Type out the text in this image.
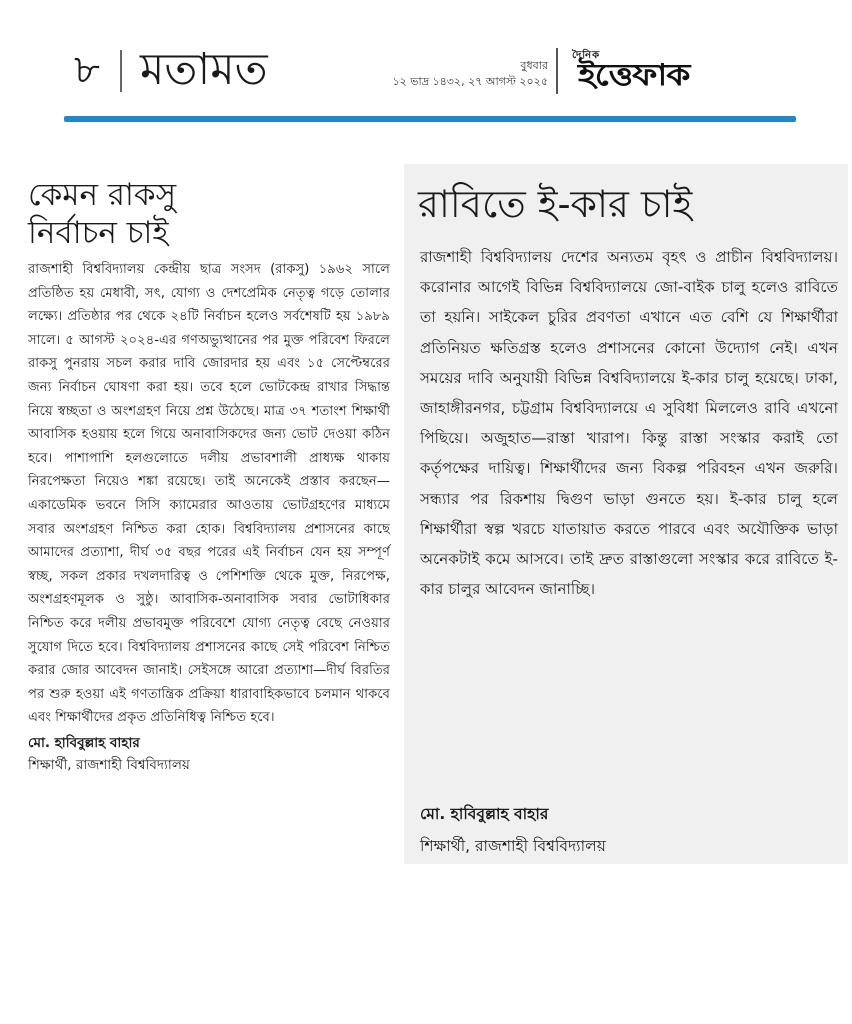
৮ মতামত	বুধবার
১২ ভাদ্র ১৪৩২, ২৭ আগস্ট ২০২৫
দৈনিক
ইত্তেফাক
কেমন রাকসু
নির্বাচন চাই

রাজশাহী বিশ্ববিদ্যালয় কেন্দ্রীয় ছাত্র সংসদ (রাকসু) ১৯৬২ সালে প্রতিষ্ঠিত হয় মেধাবী, সৎ, যোগ্য ও দেশপ্রেমিক নেতৃত্ব গড়ে তোলার লক্ষ্যে। প্রতিষ্ঠার পর থেকে ২৪টি নির্বাচন হলেও সর্বশেষটি হয় ১৯৮৯ সালে। ৫ আগস্ট ২০২৪-এর গণঅভ্যুত্থানের পর মুক্ত পরিবেশ ফিরলে রাকসু পুনরায় সচল করার দাবি জোরদার হয় এবং ১৫ সেপ্টেম্বরের জন্য নির্বাচন ঘোষণা করা হয়। তবে হলে ভোটকেন্দ্র রাখার সিদ্ধান্ত নিয়ে স্বচ্ছতা ও অংশগ্রহণ নিয়ে প্রশ্ন উঠেছে। মাত্র ৩৭ শতাংশ শিক্ষার্থী আবাসিক হওয়ায় হলে গিয়ে অনাবাসিকদের জন্য ভোট দেওয়া কঠিন হবে। পাশাপাশি হলগুলোতে দলীয় প্রভাবশালী প্রাধ্যক্ষ থাকায় নিরপেক্ষতা নিয়েও শঙ্কা রয়েছে। তাই অনেকেই প্রস্তাব করছেন—একাডেমিক ভবনে সিসি ক্যামেরার আওতায় ভোটগ্রহণের মাধ্যমে সবার অংশগ্রহণ নিশ্চিত করা হোক। বিশ্ববিদ্যালয় প্রশাসনের কাছে আমাদের প্রত্যাশা, দীর্ঘ ৩৫ বছর পরের এই নির্বাচন যেন হয় সম্পূর্ণ স্বচ্ছ, সকল প্রকার দখলদারিত্ব ও পেশিশক্তি থেকে মুক্ত, নিরপেক্ষ, অংশগ্রহণমূলক ও সুষ্ঠু। আবাসিক-অনাবাসিক সবার ভোটাধিকার নিশ্চিত করে দলীয় প্রভাবমুক্ত পরিবেশে যোগ্য নেতৃত্ব বেছে নেওয়ার সুযোগ দিতে হবে। বিশ্ববিদ্যালয় প্রশাসনের কাছে সেই পরিবেশ নিশ্চিত করার জোর আবেদন জানাই। সেইসঙ্গে আরো প্রত্যাশা—দীর্ঘ বিরতির পর শুরু হওয়া এই গণতান্ত্রিক প্রক্রিয়া ধারাবাহিকভাবে চলমান থাকবে এবং শিক্ষার্থীদের প্রকৃত প্রতিনিধিত্ব নিশ্চিত হবে।

মো. হাবিবুল্লাহ বাহার
শিক্ষার্থী, রাজশাহী বিশ্ববিদ্যালয়
রাবিতে ই-কার চাই

রাজশাহী বিশ্ববিদ্যালয় দেশের অন্যতম বৃহৎ ও প্রাচীন বিশ্ববিদ্যালয়। করোনার আগেই বিভিন্ন বিশ্ববিদ্যালয়ে জো-বাইক চালু হলেও রাবিতে তা হয়নি। সাইকেল চুরির প্রবণতা এখানে এত বেশি যে শিক্ষার্থীরা প্রতিনিয়ত ক্ষতিগ্রস্ত হলেও প্রশাসনের কোনো উদ্যোগ নেই। এখন সময়ের দাবি অনুযায়ী বিভিন্ন বিশ্ববিদ্যালয়ে ই-কার চালু হয়েছে। ঢাকা, জাহাঙ্গীরনগর, চট্টগ্রাম বিশ্ববিদ্যালয়ে এ সুবিধা মিললেও রাবি এখনো পিছিয়ে। অজুহাত—রাস্তা খারাপ। কিন্তু রাস্তা সংস্কার করাই তো কর্তৃপক্ষের দায়িত্ব। শিক্ষার্থীদের জন্য বিকল্প পরিবহন এখন জরুরি। সন্ধ্যার পর রিকশায় দ্বিগুণ ভাড়া গুনতে হয়। ই-কার চালু হলে শিক্ষার্থীরা স্বল্প খরচে যাতায়াত করতে পারবে এবং অযৌক্তিক ভাড়া অনেকটাই কমে আসবে। তাই দ্রুত রাস্তাগুলো সংস্কার করে রাবিতে ই-কার চালুর আবেদন জানাচ্ছি।

মো. হাবিবুল্লাহ বাহার
শিক্ষার্থী, রাজশাহী বিশ্ববিদ্যালয়
